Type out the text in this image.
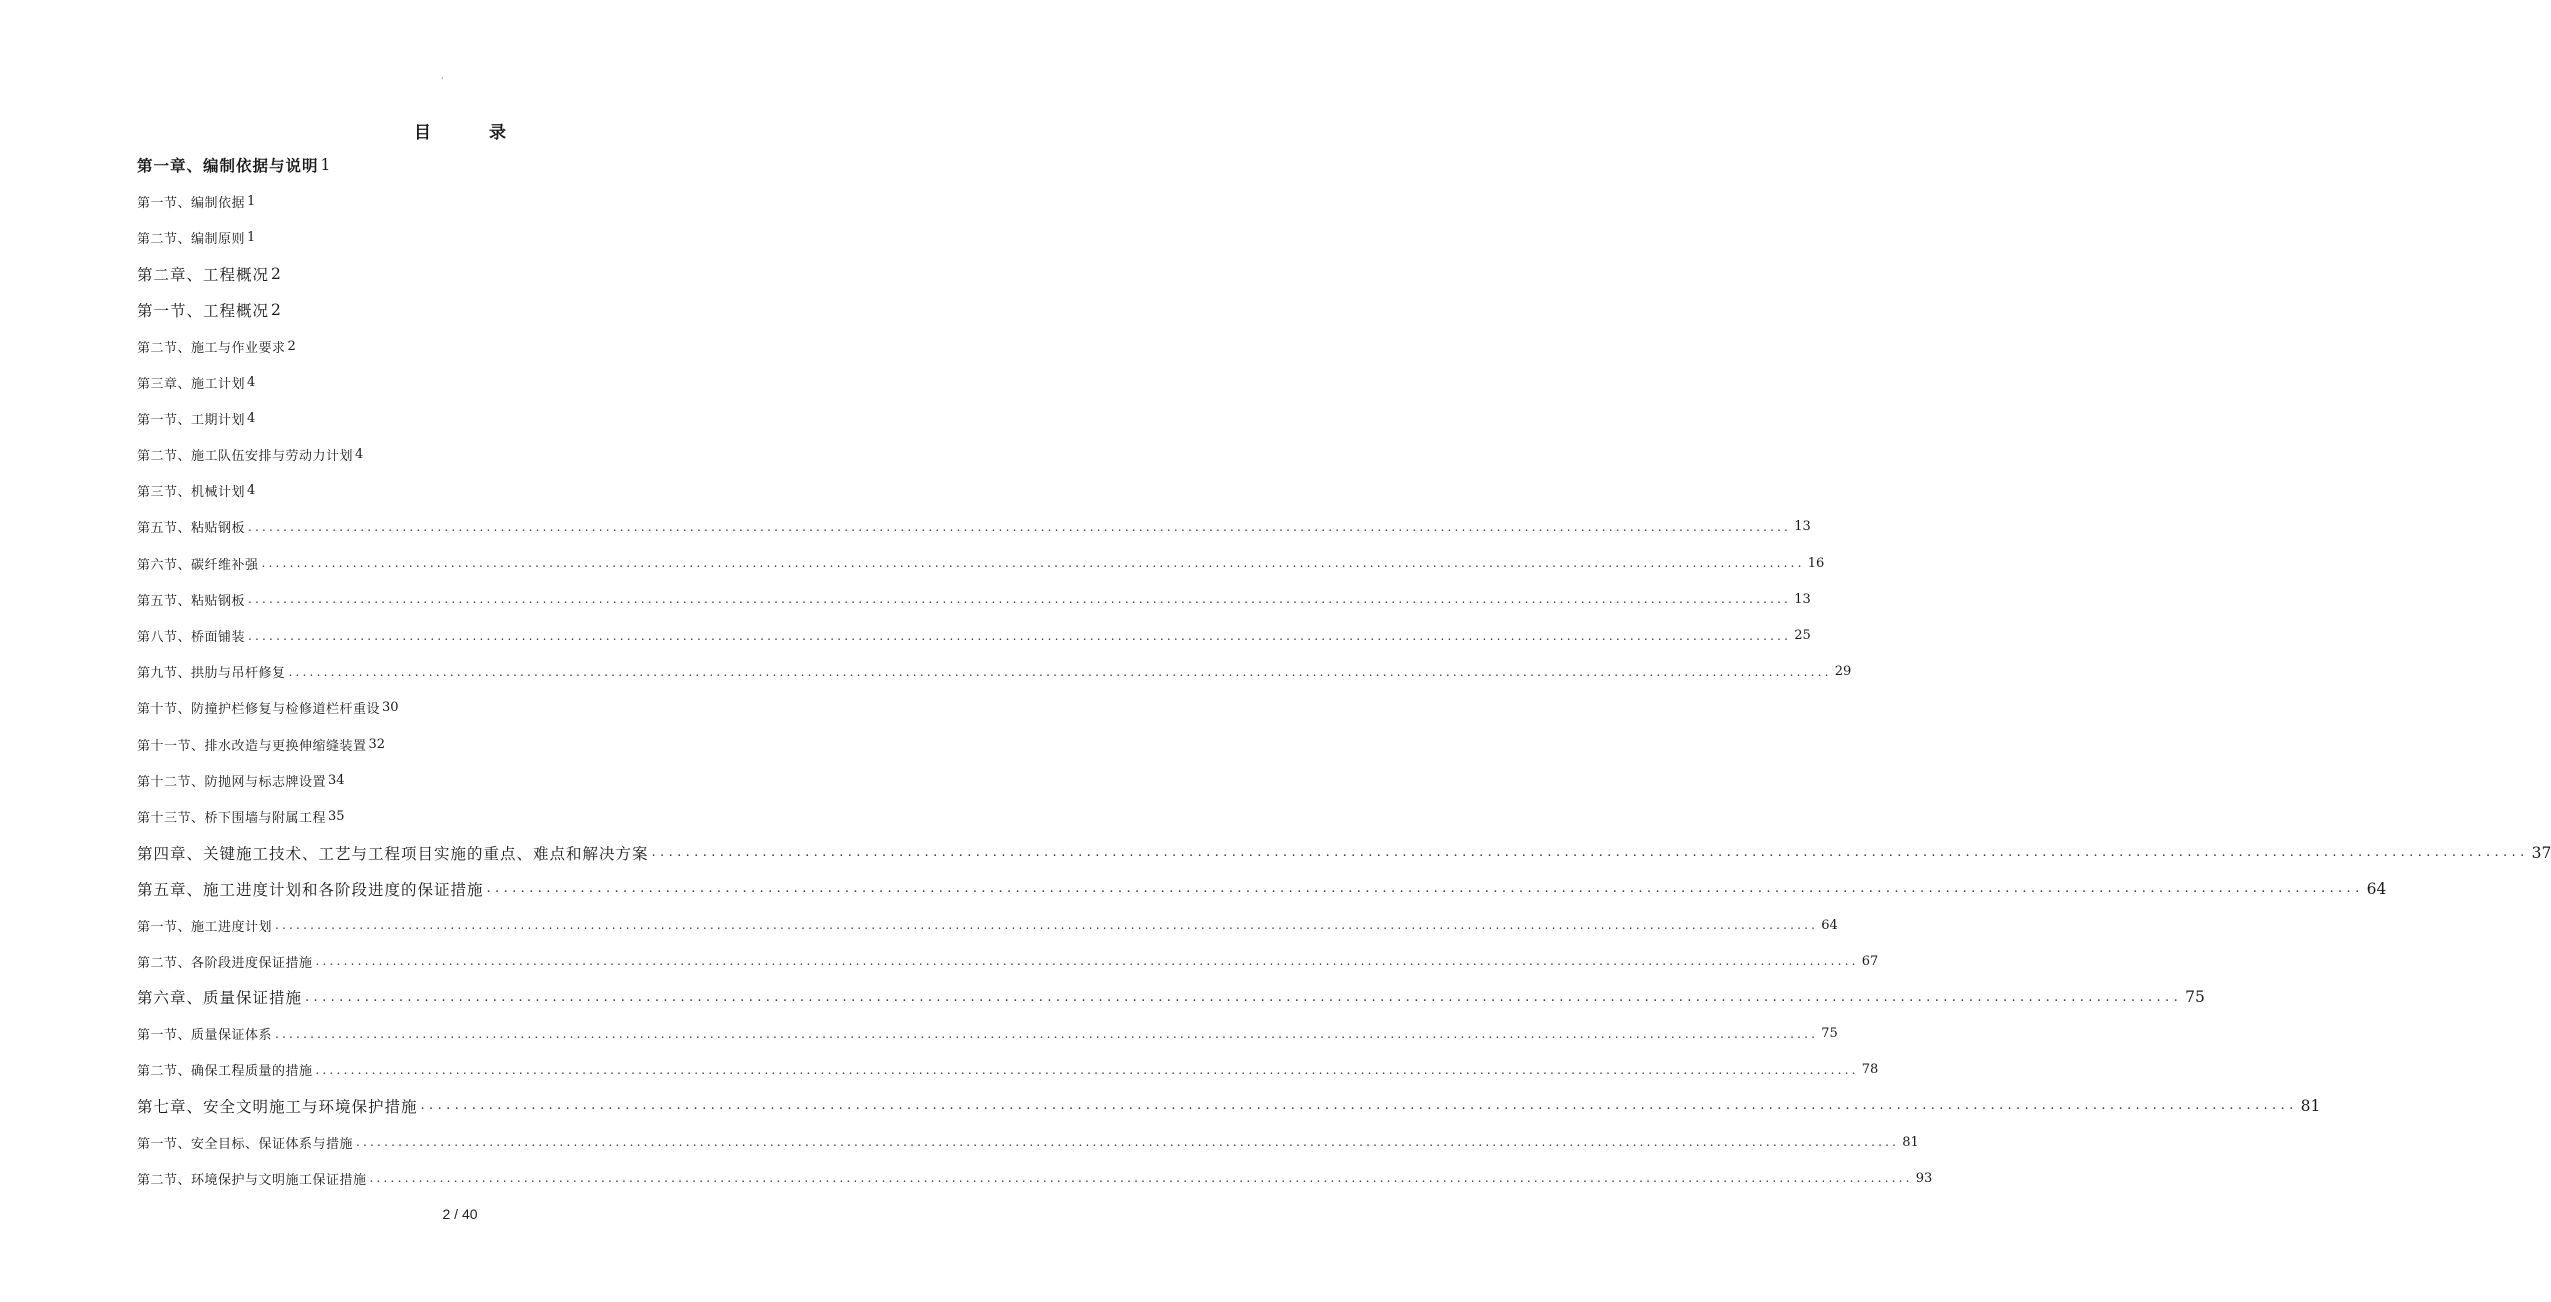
·
目 录
第一章、编制依据与说明 1
第一节、编制依据 1
第二节、编制原则 1
第二章、工程概况 2
第一节、工程概况 2
第二节、施工与作业要求 2
第三章、施工计划 4
第一节、工期计划 4
第二节、施工队伍安排与劳动力计划 4
第三节、机械计划 4
第五节、粘贴钢板 ............................................................................................................................................................................................................................ 13
第六节、碳纤维补强 ............................................................................................................................................................................................................................ 16
第五节、粘贴钢板 ............................................................................................................................................................................................................................ 13
第八节、桥面铺装 ............................................................................................................................................................................................................................ 25
第九节、拱肋与吊杆修复 ............................................................................................................................................................................................................................ 29
第十节、防撞护栏修复与检修道栏杆重设 30
第十一节、排水改造与更换伸缩缝装置 32
第十二节、防抛网与标志牌设置 34
第十三节、桥下围墙与附属工程 35
第四章、关键施工技术、工艺与工程项目实施的重点、难点和解决方案 ............................................................................................................................................................................................................................ 37
第五章、施工进度计划和各阶段进度的保证措施 ............................................................................................................................................................................................................................ 64
第一节、施工进度计划 ............................................................................................................................................................................................................................ 64
第二节、各阶段进度保证措施 ............................................................................................................................................................................................................................ 67
第六章、质量保证措施 ............................................................................................................................................................................................................................ 75
第一节、质量保证体系 ............................................................................................................................................................................................................................ 75
第二节、确保工程质量的措施 ............................................................................................................................................................................................................................ 78
第七章、安全文明施工与环境保护措施 ............................................................................................................................................................................................................................ 81
第一节、安全目标、保证体系与措施 ............................................................................................................................................................................................................................ 81
第二节、环境保护与文明施工保证措施 ............................................................................................................................................................................................................................ 93
2 / 40
